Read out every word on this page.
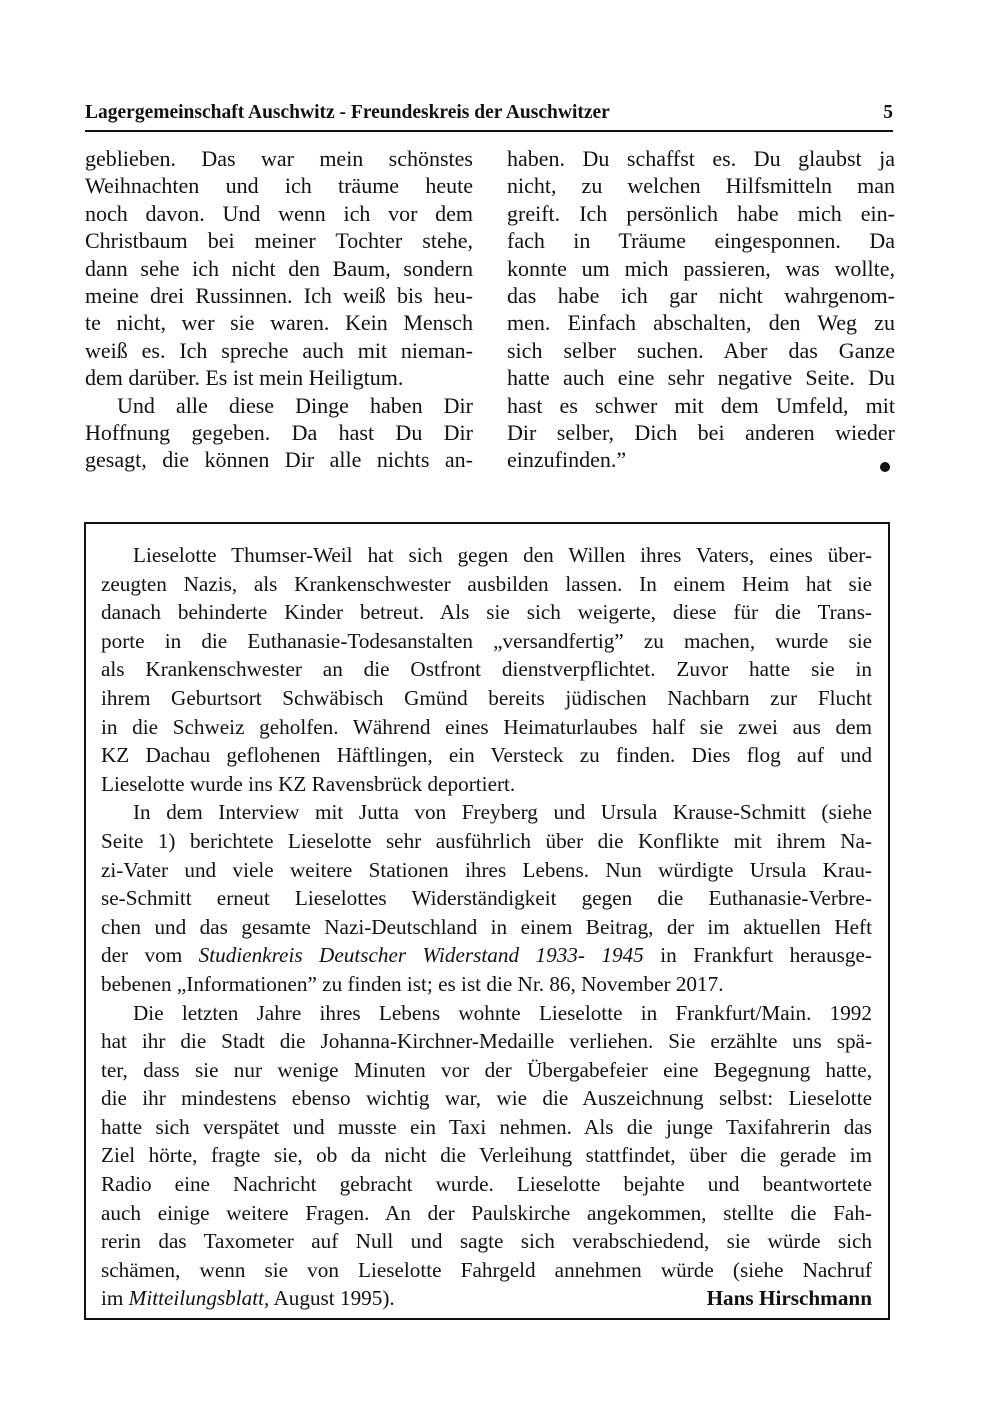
Lagergemeinschaft Auschwitz - Freundeskreis der Auschwitzer	5
geblieben. Das war mein schönstes
Weihnachten und ich träume heute
noch davon. Und wenn ich vor dem
Christbaum bei meiner Tochter stehe,
dann sehe ich nicht den Baum, sondern
meine drei Russinnen. Ich weiß bis heu-
te nicht, wer sie waren. Kein Mensch
weiß es. Ich spreche auch mit nieman-
dem darüber. Es ist mein Heiligtum.
Und alle diese Dinge haben Dir
Hoffnung gegeben. Da hast Du Dir
gesagt, die können Dir alle nichts an-
haben. Du schaffst es. Du glaubst ja
nicht, zu welchen Hilfsmitteln man
greift. Ich persönlich habe mich ein-
fach in Träume eingesponnen. Da
konnte um mich passieren, was wollte,
das habe ich gar nicht wahrgenom-
men. Einfach abschalten, den Weg zu
sich selber suchen. Aber das Ganze
hatte auch eine sehr negative Seite. Du
hast es schwer mit dem Umfeld, mit
Dir selber, Dich bei anderen wieder
einzufinden.”
Lieselotte Thumser-Weil hat sich gegen den Willen ihres Vaters, eines über-
zeugten Nazis, als Krankenschwester ausbilden lassen. In einem Heim hat sie
danach behinderte Kinder betreut. Als sie sich weigerte, diese für die Trans-
porte in die Euthanasie-Todesanstalten „versandfertig” zu machen, wurde sie
als Krankenschwester an die Ostfront dienstverpflichtet. Zuvor hatte sie in
ihrem Geburtsort Schwäbisch Gmünd bereits jüdischen Nachbarn zur Flucht
in die Schweiz geholfen. Während eines Heimaturlaubes half sie zwei aus dem
KZ Dachau geflohenen Häftlingen, ein Versteck zu finden. Dies flog auf und
Lieselotte wurde ins KZ Ravensbrück deportiert.
In dem Interview mit Jutta von Freyberg und Ursula Krause-Schmitt (siehe
Seite 1) berichtete Lieselotte sehr ausführlich über die Konflikte mit ihrem Na-
zi-Vater und viele weitere Stationen ihres Lebens. Nun würdigte Ursula Krau-
se-Schmitt erneut Lieselottes Widerständigkeit gegen die Euthanasie-Verbre-
chen und das gesamte Nazi-Deutschland in einem Beitrag, der im aktuellen Heft
der vom Studienkreis Deutscher Widerstand 1933- 1945 in Frankfurt herausge-
bebenen „Informationen” zu finden ist; es ist die Nr. 86, November 2017.
Die letzten Jahre ihres Lebens wohnte Lieselotte in Frankfurt/Main. 1992
hat ihr die Stadt die Johanna-Kirchner-Medaille verliehen. Sie erzählte uns spä-
ter, dass sie nur wenige Minuten vor der Übergabefeier eine Begegnung hatte,
die ihr mindestens ebenso wichtig war, wie die Auszeichnung selbst: Lieselotte
hatte sich verspätet und musste ein Taxi nehmen. Als die junge Taxifahrerin das
Ziel hörte, fragte sie, ob da nicht die Verleihung stattfindet, über die gerade im
Radio eine Nachricht gebracht wurde. Lieselotte bejahte und beantwortete
auch einige weitere Fragen. An der Paulskirche angekommen, stellte die Fah-
rerin das Taxometer auf Null und sagte sich verabschiedend, sie würde sich
schämen, wenn sie von Lieselotte Fahrgeld annehmen würde (siehe Nachruf
im Mitteilungsblatt, August 1995).	Hans Hirschmann
